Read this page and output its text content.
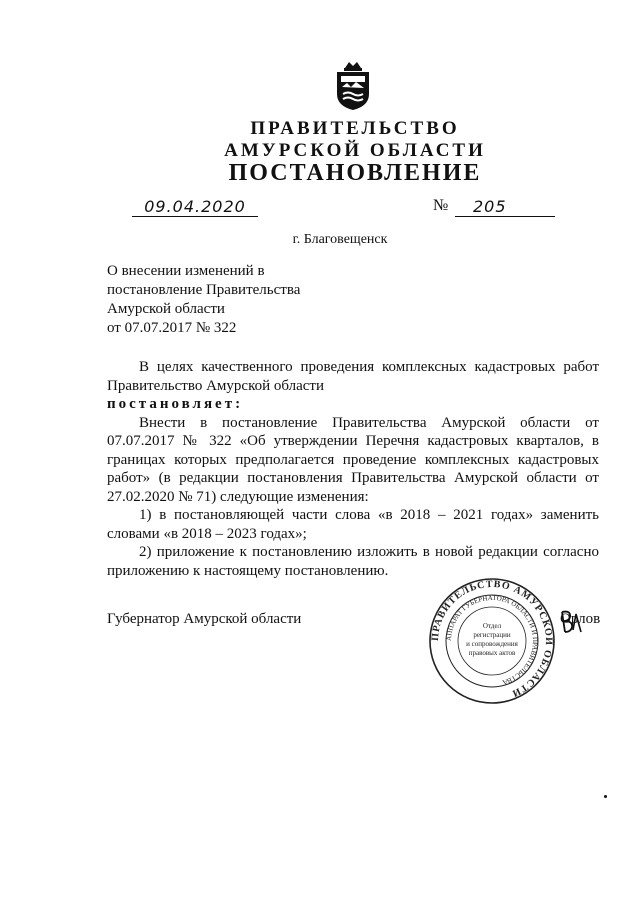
ПРАВИТЕЛЬСТВО
АМУРСКОЙ ОБЛАСТИ
ПОСТАНОВЛЕНИЕ
09.04.2020	№	205
г. Благовещенск
О внесении изменений в
постановление Правительства
Амурской области
от 07.07.2017 № 322

В целях качественного проведения комплексных кадастровых работ Правительство Амурской области

постановляет:

Внести в постановление Правительства Амурской области от 07.07.2017 № 322 «Об утверждении Перечня кадастровых кварталов, в границах которых предполагается проведение комплексных кадастровых работ» (в редакции постановления Правительства Амурской области от 27.02.2020 № 71) следующие изменения:

1) в постановляющей части слова «в 2018 – 2021 годах» заменить словами «в 2018 – 2023 годах»;

2) приложение к постановлению изложить в новой редакции согласно приложению к настоящему постановлению.

Губернатор Амурской области
ПРАВИТЕЛЬСТВО АМУРСКОЙ ОБЛАСТИ
АППАРАТ ГУБЕРНАТОРА ОБЛАСТИ И ПРАВИТЕЛЬСТВА
Отдел
регистрации
и сопровождения
правовых актов
Орлов
